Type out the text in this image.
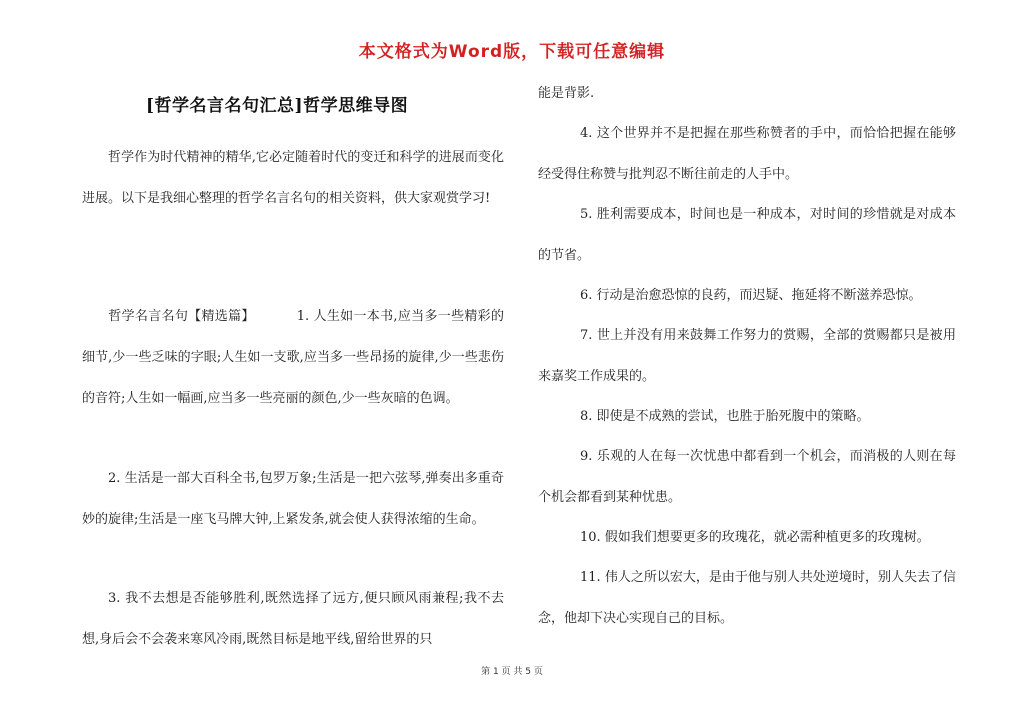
本文格式为Word版，下载可任意编辑
[哲学名言名句汇总]哲学思维导图

哲学作为时代精神的精华,它必定随着时代的变迁和科学的进展而变化进展。以下是我细心整理的哲学名言名句的相关资料，供大家观赏学习!

哲学名言名句【精选篇】	1. 人生如一本书,应当多一些精彩的细节,少一些乏味的字眼;人生如一支歌,应当多一些昂扬的旋律,少一些悲伤的音符;人生如一幅画,应当多一些亮丽的颜色,少一些灰暗的色调。

2. 生活是一部大百科全书,包罗万象;生活是一把六弦琴,弹奏出多重奇妙的旋律;生活是一座飞马牌大钟,上紧发条,就会使人获得浓缩的生命。

3. 我不去想是否能够胜利,既然选择了远方,便只顾风雨兼程;我不去想,身后会不会袭来寒风冷雨,既然目标是地平线,留给世界的只

能是背影.

4. 这个世界并不是把握在那些称赞者的手中，而恰恰把握在能够经受得住称赞与批判忍不断往前走的人手中。

5. 胜利需要成本，时间也是一种成本，对时间的珍惜就是对成本的节省。

6. 行动是治愈恐惊的良药，而迟疑、拖延将不断滋养恐惊。

7. 世上并没有用来鼓舞工作努力的赏赐，全部的赏赐都只是被用来嘉奖工作成果的。

8. 即使是不成熟的尝试，也胜于胎死腹中的策略。

9. 乐观的人在每一次忧患中都看到一个机会，而消极的人则在每个机会都看到某种忧患。

10. 假如我们想要更多的玫瑰花，就必需种植更多的玫瑰树。

11. 伟人之所以宏大，是由于他与别人共处逆境时，别人失去了信念，他却下决心实现自己的目标。

第 1 页 共 5 页
